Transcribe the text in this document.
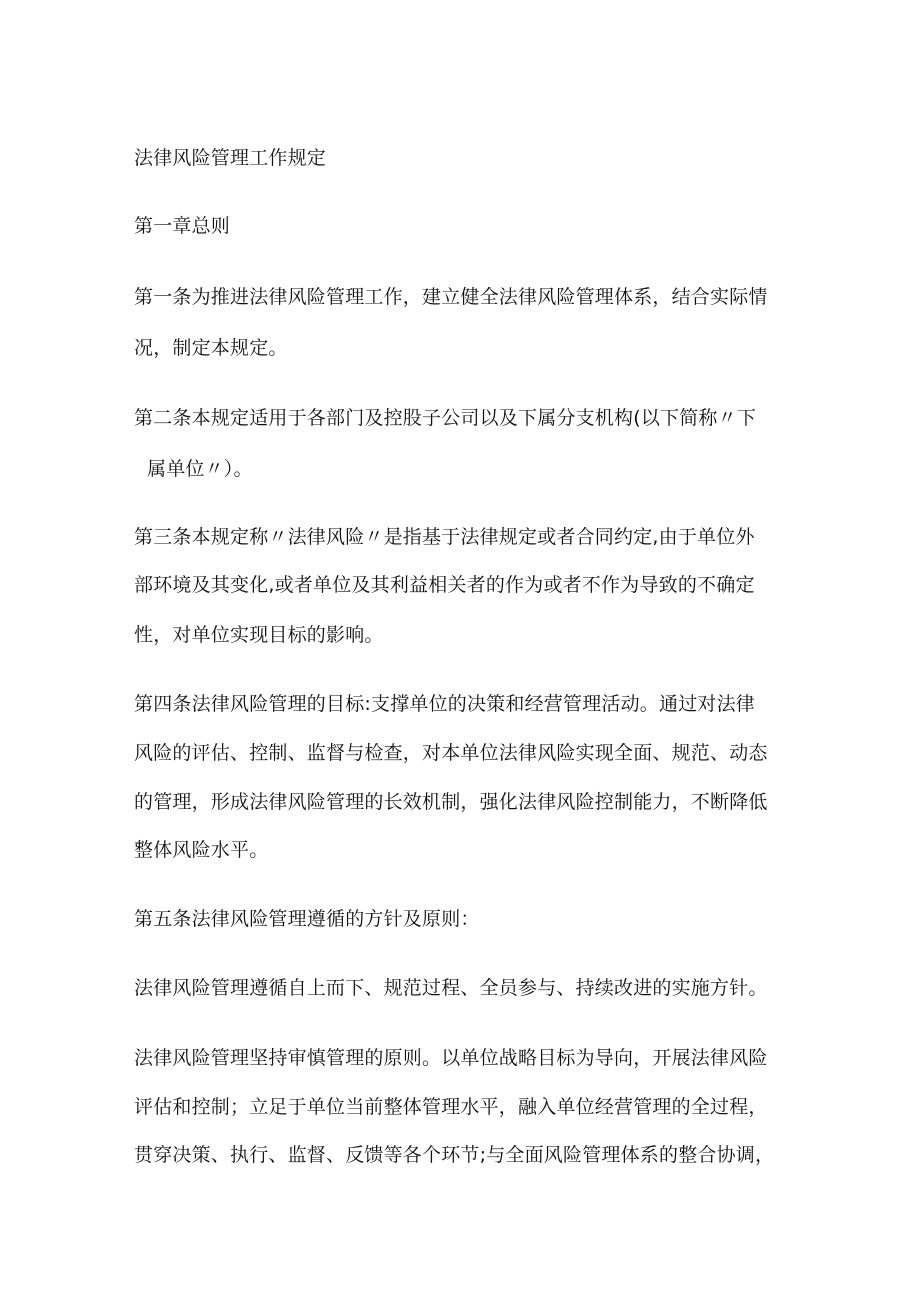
法律风险管理工作规定
第一章总则
第一条为推进法律风险管理工作，建立健全法律风险管理体系，结合实际情
况，制定本规定。
第二条本规定适用于各部门及控股子公司以及下属分支机构(以下简称〃下
属单位〃）。
第三条本规定称〃法律风险〃是指基于法律规定或者合同约定,由于单位外
部环境及其变化,或者单位及其利益相关者的作为或者不作为导致的不确定
性，对单位实现目标的影响。
第四条法律风险管理的目标:支撑单位的决策和经营管理活动。通过对法律
风险的评估、控制、监督与检查，对本单位法律风险实现全面、规范、动态
的管理，形成法律风险管理的长效机制，强化法律风险控制能力，不断降低
整体风险水平。
第五条法律风险管理遵循的方针及原则：
法律风险管理遵循自上而下、规范过程、全员参与、持续改进的实施方针。
法律风险管理坚持审慎管理的原则。以单位战略目标为导向，开展法律风险
评估和控制；立足于单位当前整体管理水平，融入单位经营管理的全过程，
贯穿决策、执行、监督、反馈等各个环节;与全面风险管理体系的整合协调，
